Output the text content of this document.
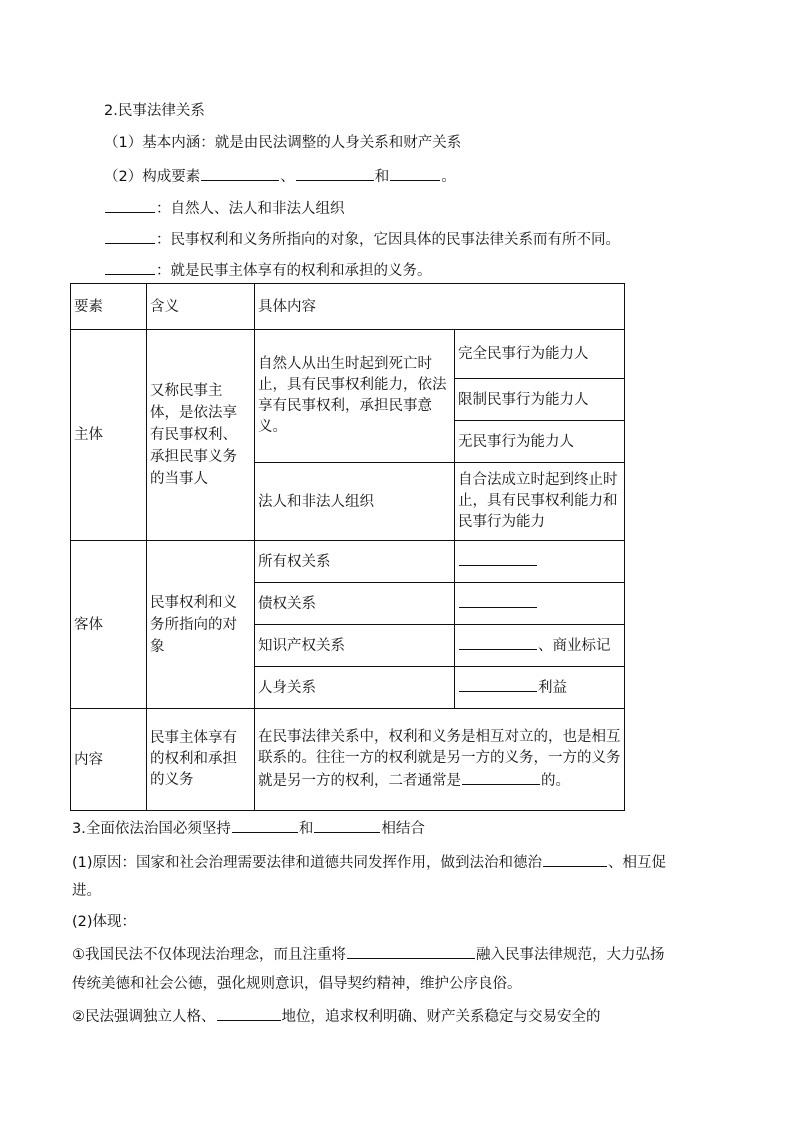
2.民事法律关系
（1）基本内涵：就是由民法调整的人身关系和财产关系
（2）构成要素	、	和	。
：自然人、法人和非法人组织
：民事权利和义务所指向的对象，它因具体的民事法律关系而有所不同。
：就是民事主体享有的权利和承担的义务。
要素	含义	具体内容	
主体	又称民事主体，是依法享有民事权利、承担民事义务的当事人	自然人从出生时起到死亡时止，具有民事权利能力，依法享有民事权利，承担民事意义。	完全民事行为能力人
			限制民事行为能力人
			无民事行为能力人
		法人和非法人组织	自合法成立时起到终止时止，具有民事权利能力和民事行为能力
客体	民事权利和义务所指向的对象	所有权关系	
		债权关系	
		知识产权关系	、商业标记
		人身关系	利益
内容	民事主体享有的权利和承担的义务	在民事法律关系中，权利和义务是相互对立的，也是相互联系的。往往一方的权利就是另一方的义务，一方的义务就是另一方的权利，二者通常是 的。	
3.全面依法治国必须坚持	和	相结合
(1)原因：国家和社会治理需要法律和道德共同发挥作用，做到法治和德治	、相互促
进。
(2)体现：
①我国民法不仅体现法治理念，而且注重将	融入民事法律规范，大力弘扬
传统美德和社会公德，强化规则意识，倡导契约精神，维护公序良俗。
②民法强调独立人格、	地位，追求权利明确、财产关系稳定与交易安全的
